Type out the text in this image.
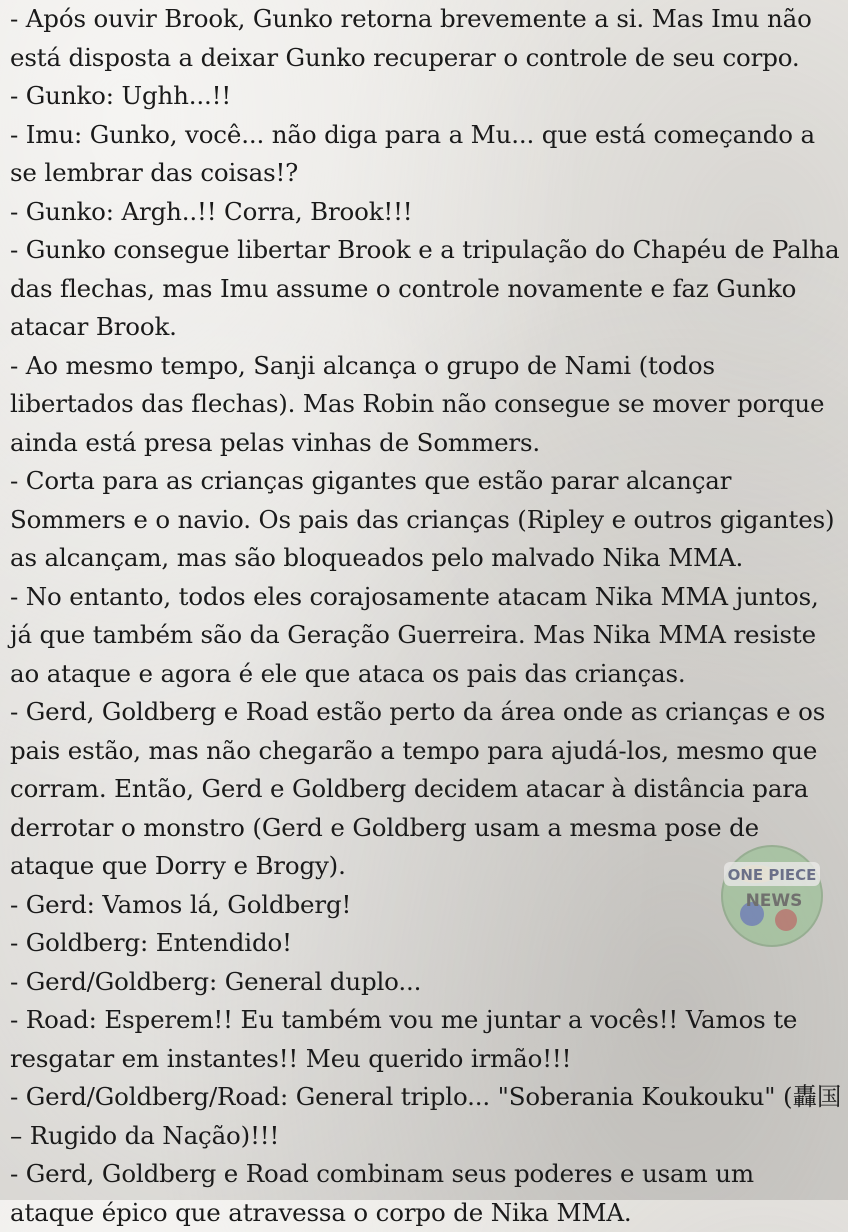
- Após ouvir Brook, Gunko retorna brevemente a si. Mas Imu não está disposta a deixar Gunko recuperar o controle de seu corpo.

- Gunko: Ughh...!!

- Imu: Gunko, você... não diga para a Mu... que está começando a se lembrar das coisas!?

- Gunko: Argh..!! Corra, Brook!!!

- Gunko consegue libertar Brook e a tripulação do Chapéu de Palha das flechas, mas Imu assume o controle novamente e faz Gunko atacar Brook.

- Ao mesmo tempo, Sanji alcança o grupo de Nami (todos libertados das flechas). Mas Robin não consegue se mover porque ainda está presa pelas vinhas de Sommers.

- Corta para as crianças gigantes que estão parar alcançar Sommers e o navio. Os pais das crianças (Ripley e outros gigantes) as alcançam, mas são bloqueados pelo malvado Nika MMA.

- No entanto, todos eles corajosamente atacam Nika MMA juntos, já que também são da Geração Guerreira. Mas Nika MMA resiste ao ataque e agora é ele que ataca os pais das crianças.

- Gerd, Goldberg e Road estão perto da área onde as crianças e os pais estão, mas não chegarão a tempo para ajudá-los, mesmo que corram. Então, Gerd e Goldberg decidem atacar à distância para derrotar o monstro (Gerd e Goldberg usam a mesma pose de ataque que Dorry e Brogy).

- Gerd: Vamos lá, Goldberg!

- Goldberg: Entendido!

- Gerd/Goldberg: General duplo...

- Road: Esperem!! Eu também vou me juntar a vocês!! Vamos te resgatar em instantes!! Meu querido irmão!!!

- Gerd/Goldberg/Road: General triplo... "Soberania Koukouku" (轟国 – Rugido da Nação)!!!

- Gerd, Goldberg e Road combinam seus poderes e usam um ataque épico que atravessa o corpo de Nika MMA.

ONE PIECE
NEWS
